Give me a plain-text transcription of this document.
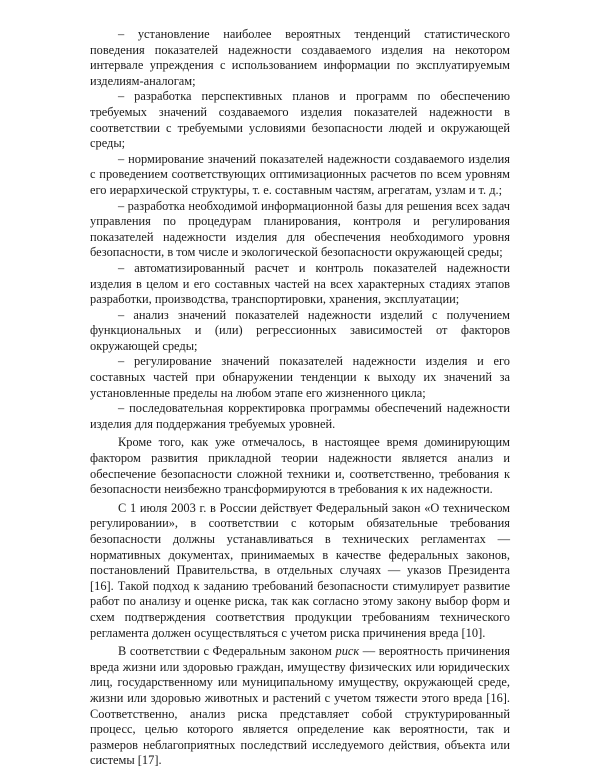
– установление наиболее вероятных тенденций статистического поведения показателей надежности создаваемого изделия на некотором интервале упреждения с использованием информации по эксплуатируемым изделиям-аналогам;

– разработка перспективных планов и программ по обеспечению требуемых значений создаваемого изделия показателей надежности в соответствии с требуемыми условиями безопасности людей и окружающей среды;

– нормирование значений показателей надежности создаваемого изделия с проведением соответствующих оптимизационных расчетов по всем уровням его иерархической структуры, т. е. составным частям, агрегатам, узлам и т. д.;

– разработка необходимой информационной базы для решения всех задач управления по процедурам планирования, контроля и регулирования показателей надежности изделия для обеспечения необходимого уровня безопасности, в том числе и экологической безопасности окружающей среды;

– автоматизированный расчет и контроль показателей надежности изделия в целом и его составных частей на всех характерных стадиях этапов разработки, производства, транспортировки, хранения, эксплуатации;

– анализ значений показателей надежности изделий с получением функциональных и (или) регрессионных зависимостей от факторов окружающей среды;

– регулирование значений показателей надежности изделия и его составных частей при обнаружении тенденции к выходу их значений за установленные пределы на любом этапе его жизненного цикла;

– последовательная корректировка программы обеспечений надежности изделия для поддержания требуемых уровней.

Кроме того, как уже отмечалось, в настоящее время доминирующим фактором развития прикладной теории надежности является анализ и обеспечение безопасности сложной техники и, соответственно, требования к безопасности неизбежно трансформируются в требования к их надежности.

С 1 июля 2003 г. в России действует Федеральный закон «О техническом регулировании», в соответствии с которым обязательные требования безопасности должны устанавливаться в технических регламентах — нормативных документах, принимаемых в качестве федеральных законов, постановлений Правительства, в отдельных случаях — указов Президента [16]. Такой подход к заданию требований безопасности стимулирует развитие работ по анализу и оценке риска, так как согласно этому закону выбор форм и схем подтверждения соответствия продукции требованиям технического регламента должен осуществляться с учетом риска причинения вреда [10].

В соответствии с Федеральным законом риск — вероятность причинения вреда жизни или здоровью граждан, имуществу физических или юридических лиц, государственному или муниципальному имуществу, окружающей среде, жизни или здоровью животных и растений с учетом тяжести этого вреда [16]. Соответственно, анализ риска представляет собой структурированный процесс, целью которого является определение как вероятности, так и размеров неблагоприятных последствий исследуемого действия, объекта или системы [17].
